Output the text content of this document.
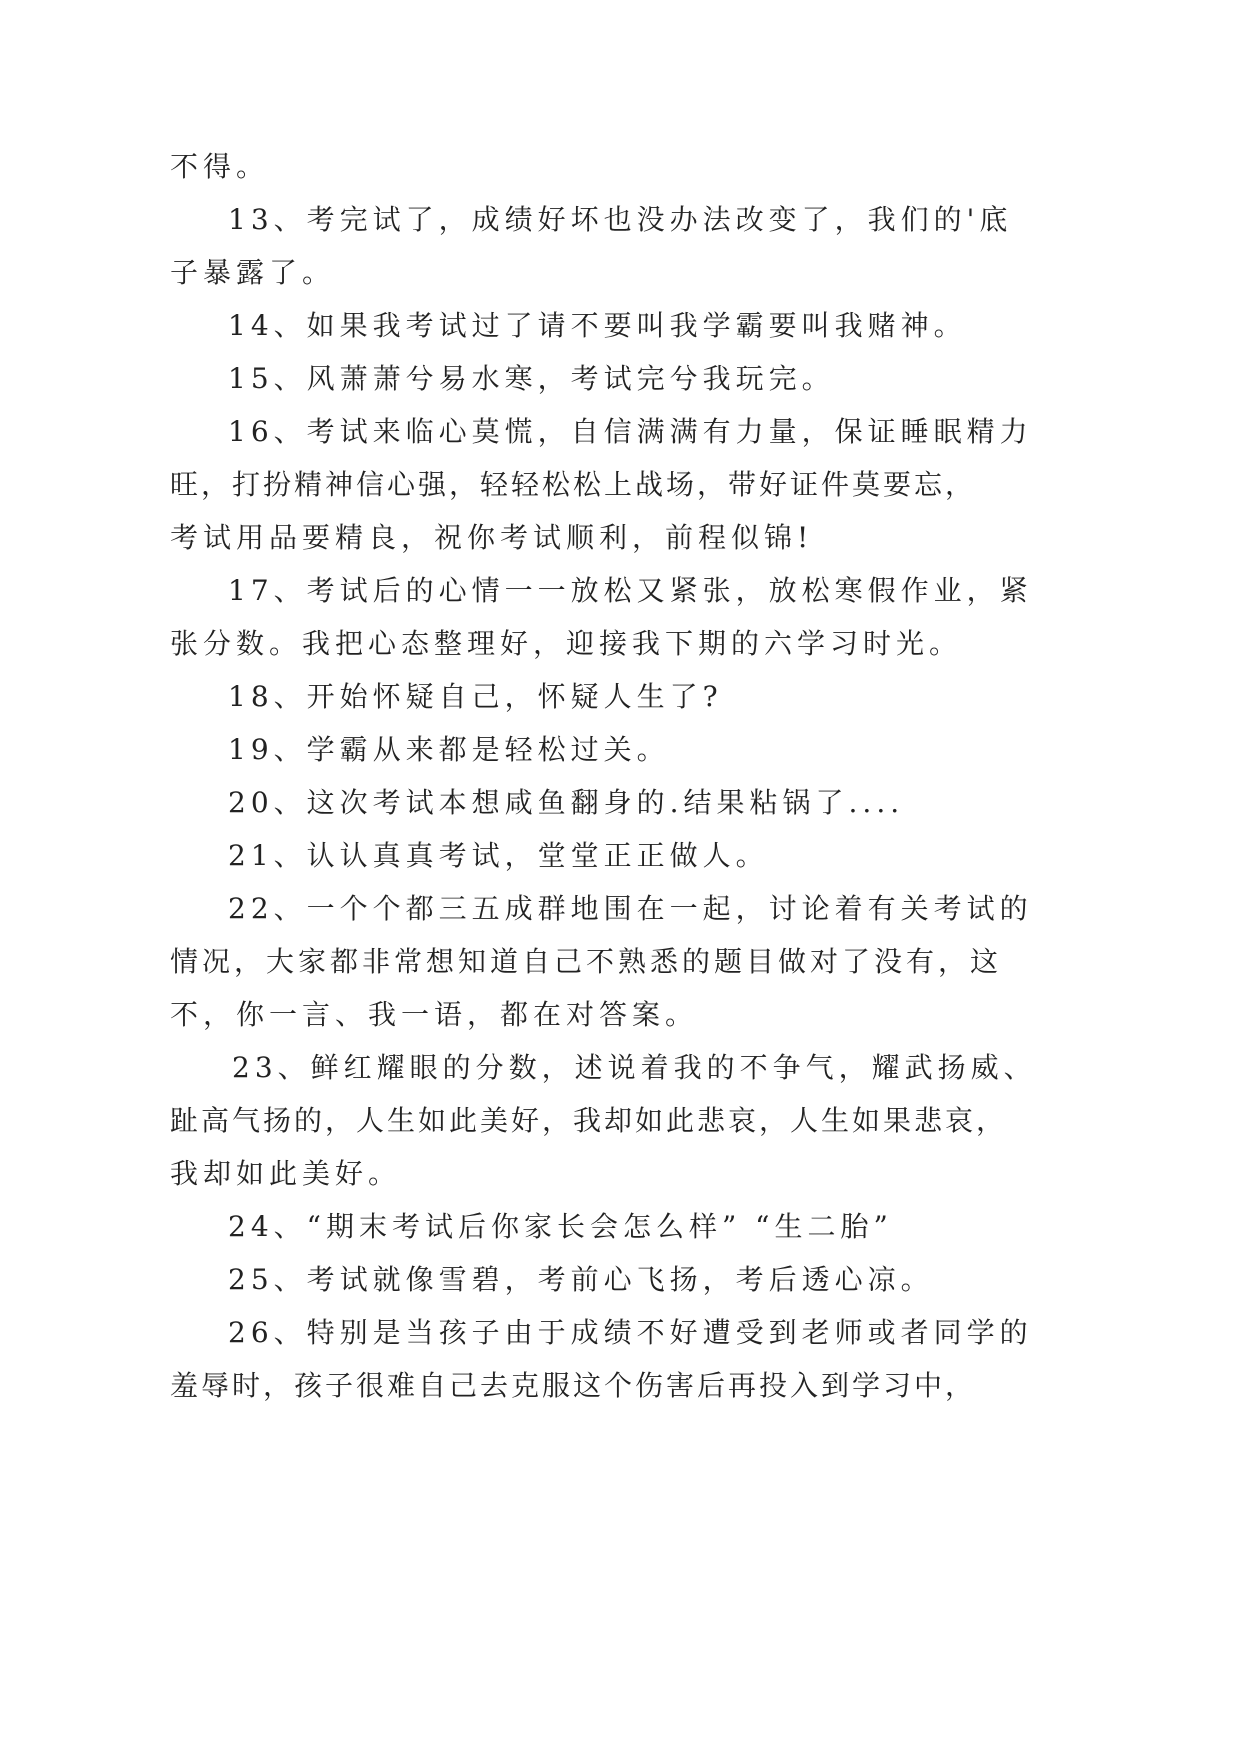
不得。
13、考完试了，成绩好坏也没办法改变了，我们的'底
子暴露了。
14、如果我考试过了请不要叫我学霸要叫我赌神。
15、风萧萧兮易水寒，考试完兮我玩完。
16、考试来临心莫慌，自信满满有力量，保证睡眠精力
旺，打扮精神信心强，轻轻松松上战场，带好证件莫要忘，
考试用品要精良，祝你考试顺利，前程似锦!
17、考试后的心情一一放松又紧张，放松寒假作业，紧
张分数。我把心态整理好，迎接我下期的六学习时光。
18、开始怀疑自己，怀疑人生了?
19、学霸从来都是轻松过关。
20、这次考试本想咸鱼翻身的.结果粘锅了....
21、认认真真考试，堂堂正正做人。
22、一个个都三五成群地围在一起，讨论着有关考试的
情况，大家都非常想知道自己不熟悉的题目做对了没有，这
不，你一言、我一语，都在对答案。
23、鲜红耀眼的分数，述说着我的不争气，耀武扬威、
趾高气扬的，人生如此美好，我却如此悲哀，人生如果悲哀，
我却如此美好。
24、“期末考试后你家长会怎么样” “生二胎”
25、考试就像雪碧，考前心飞扬，考后透心凉。
26、特别是当孩子由于成绩不好遭受到老师或者同学的
羞辱时，孩子很难自己去克服这个伤害后再投入到学习中，
